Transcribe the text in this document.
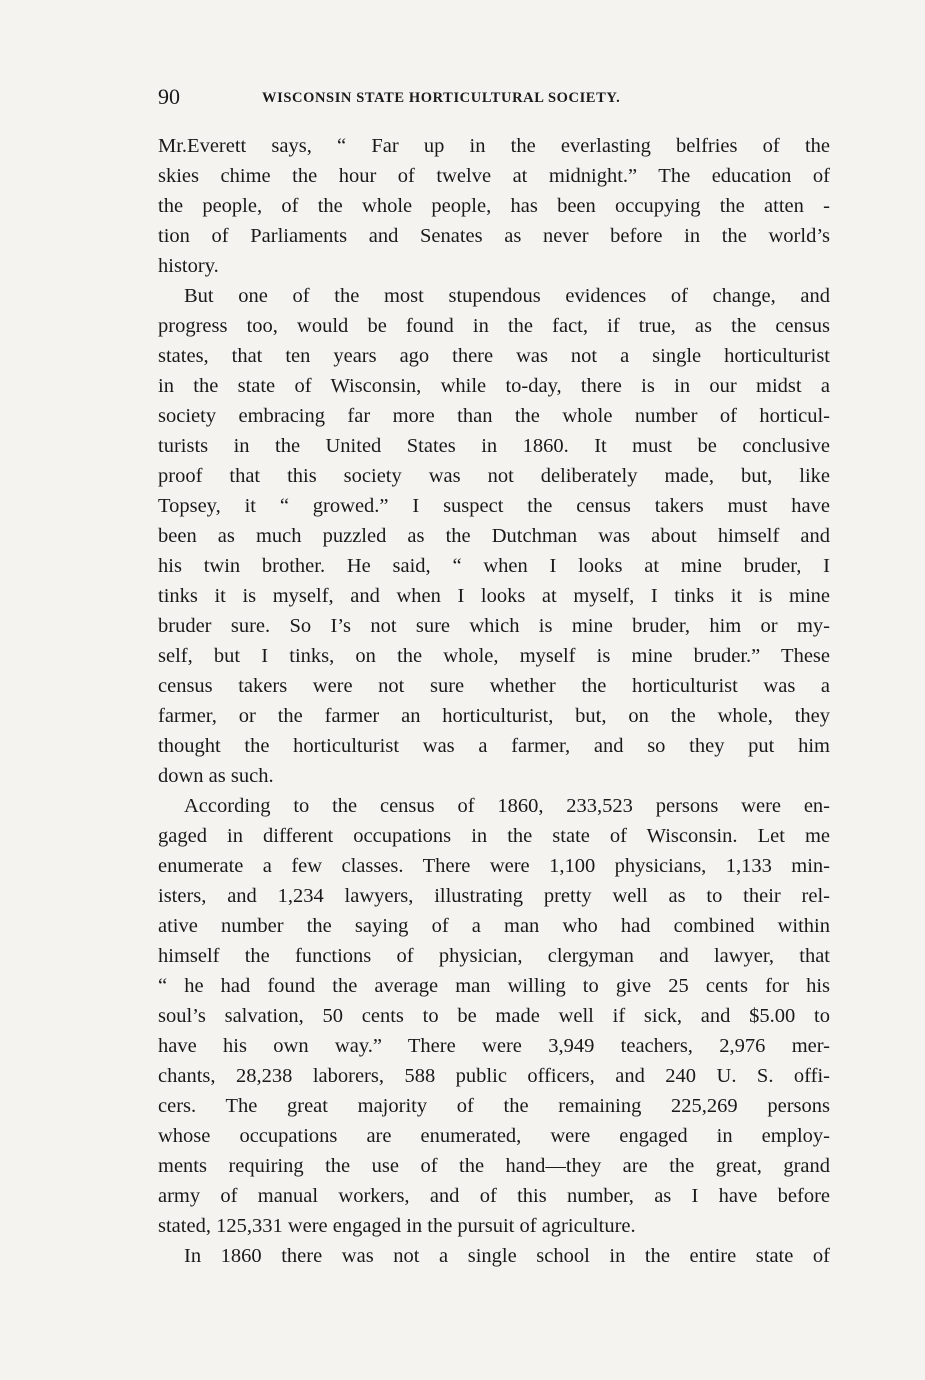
90	WISCONSIN STATE HORTICULTURAL SOCIETY.
Mr.Everett says, “ Far up in the everlasting belfries of the
skies chime the hour of twelve at midnight.” The education of
the people, of the whole people, has been occupying the atten -
tion of Parliaments and Senates as never before in the world’s
history.
But one of the most stupendous evidences of change, and
progress too, would be found in the fact, if true, as the census
states, that ten years ago there was not a single horticulturist
in the state of Wisconsin, while to-day, there is in our midst a
society embracing far more than the whole number of horticul-
turists in the United States in 1860. It must be conclusive
proof that this society was not deliberately made, but, like
Topsey, it “ growed.” I suspect the census takers must have
been as much puzzled as the Dutchman was about himself and
his twin brother. He said, “ when I looks at mine bruder, I
tinks it is myself, and when I looks at myself, I tinks it is mine
bruder sure. So I’s not sure which is mine bruder, him or my-
self, but I tinks, on the whole, myself is mine bruder.” These
census takers were not sure whether the horticulturist was a
farmer, or the farmer an horticulturist, but, on the whole, they
thought the horticulturist was a farmer, and so they put him
down as such.
According to the census of 1860, 233,523 persons were en-
gaged in different occupations in the state of Wisconsin. Let me
enumerate a few classes. There were 1,100 physicians, 1,133 min-
isters, and 1,234 lawyers, illustrating pretty well as to their rel-
ative number the saying of a man who had combined within
himself the functions of physician, clergyman and lawyer, that
“ he had found the average man willing to give 25 cents for his
soul’s salvation, 50 cents to be made well if sick, and $5.00 to
have his own way.” There were 3,949 teachers, 2,976 mer-
chants, 28,238 laborers, 588 public officers, and 240 U. S. offi-
cers. The great majority of the remaining 225,269 persons
whose occupations are enumerated, were engaged in employ-
ments requiring the use of the hand—they are the great, grand
army of manual workers, and of this number, as I have before
stated, 125,331 were engaged in the pursuit of agriculture.
In 1860 there was not a single school in the entire state of
